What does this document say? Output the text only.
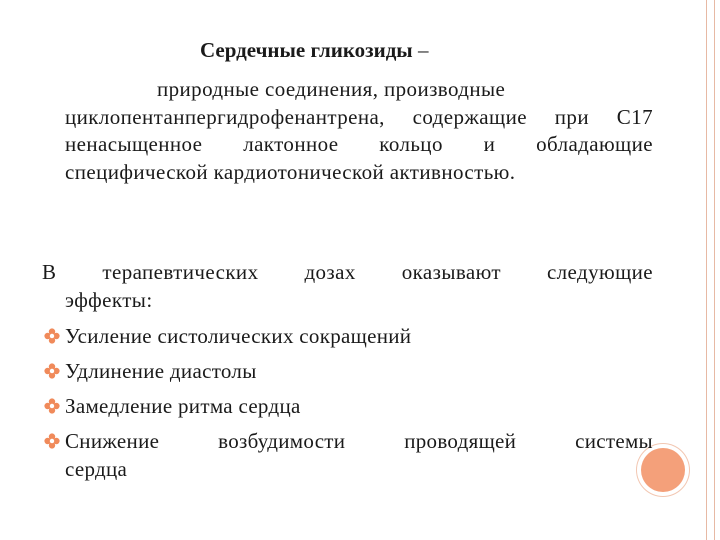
Сердечные гликозиды –
природные соединения, производные
циклопентанпергидрофенантрена, содержащие при С17 ненасыщенное лактонное кольцо и обладающие специфической кардиотонической активностью.
В терапевтических дозах оказывают следующие
эффекты:
Усиление систолических сокращений
Удлинение диастолы
Замедление ритма сердца
Снижение	возбудимости	проводящей	системы
сердца
